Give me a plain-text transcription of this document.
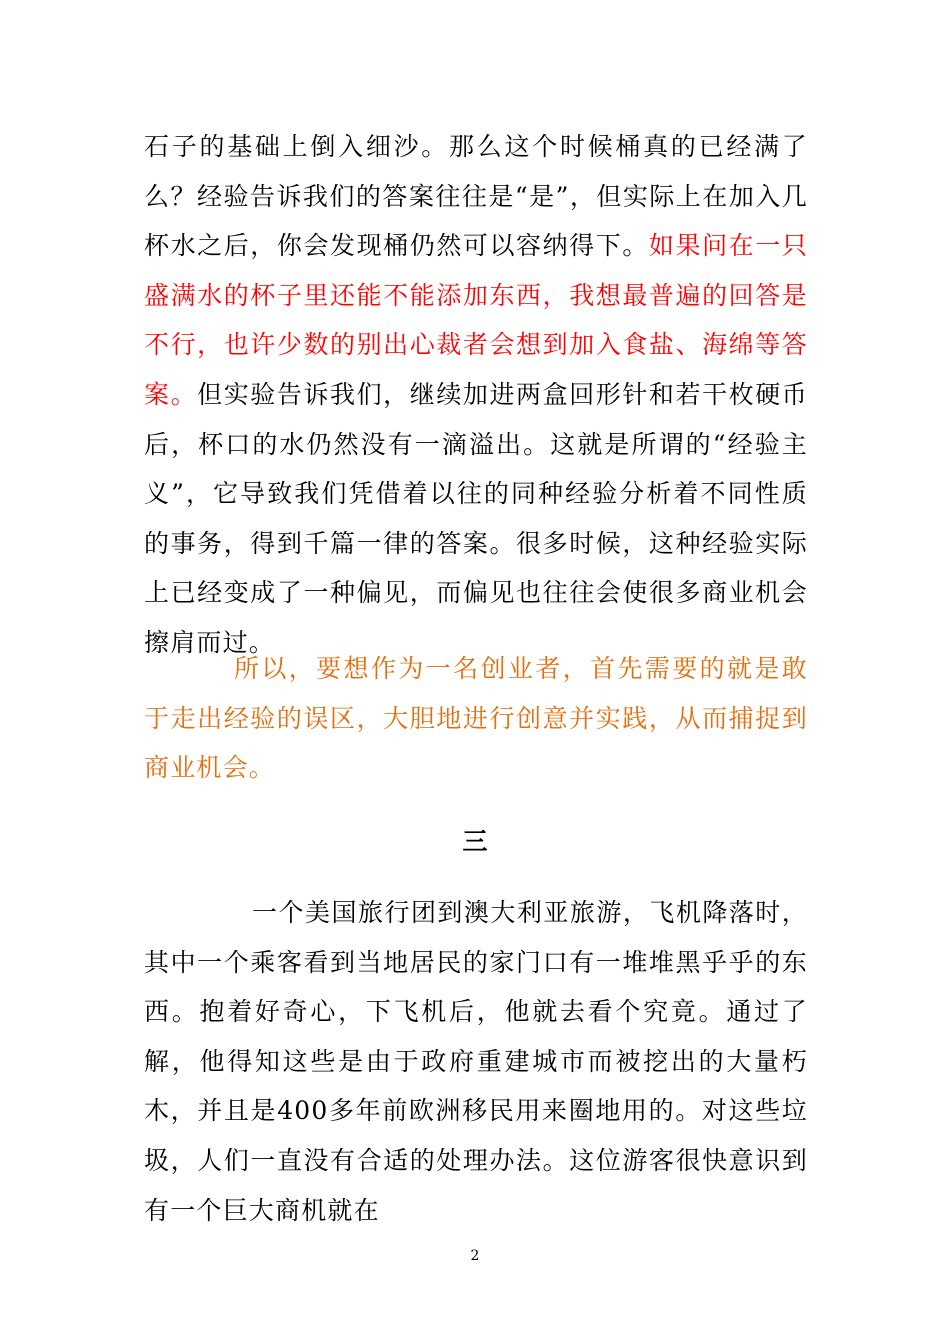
石子的基础上倒入细沙。那么这个时候桶真的已经满了么？经验告诉我们的答案往往是“是”，但实际上在加入几杯水之后，你会发现桶仍然可以容纳得下。如果问在一只盛满水的杯子里还能不能添加东西，我想最普遍的回答是不行，也许少数的别出心裁者会想到加入食盐、海绵等答案。但实验告诉我们，继续加进两盒回形针和若干枚硬币后，杯口的水仍然没有一滴溢出。这就是所谓的“经验主义”，它导致我们凭借着以往的同种经验分析着不同性质的事务，得到千篇一律的答案。很多时候，这种经验实际上已经变成了一种偏见，而偏见也往往会使很多商业机会擦肩而过。
所以，要想作为一名创业者，首先需要的就是敢于走出经验的误区，大胆地进行创意并实践，从而捕捉到商业机会。
三
一个美国旅行团到澳大利亚旅游，飞机降落时，其中一个乘客看到当地居民的家门口有一堆堆黑乎乎的东西。抱着好奇心，下飞机后，他就去看个究竟。通过了解，他得知这些是由于政府重建城市而被挖出的大量朽木，并且是400多年前欧洲移民用来圈地用的。对这些垃圾，人们一直没有合适的处理办法。这位游客很快意识到有一个巨大商机就在
2
